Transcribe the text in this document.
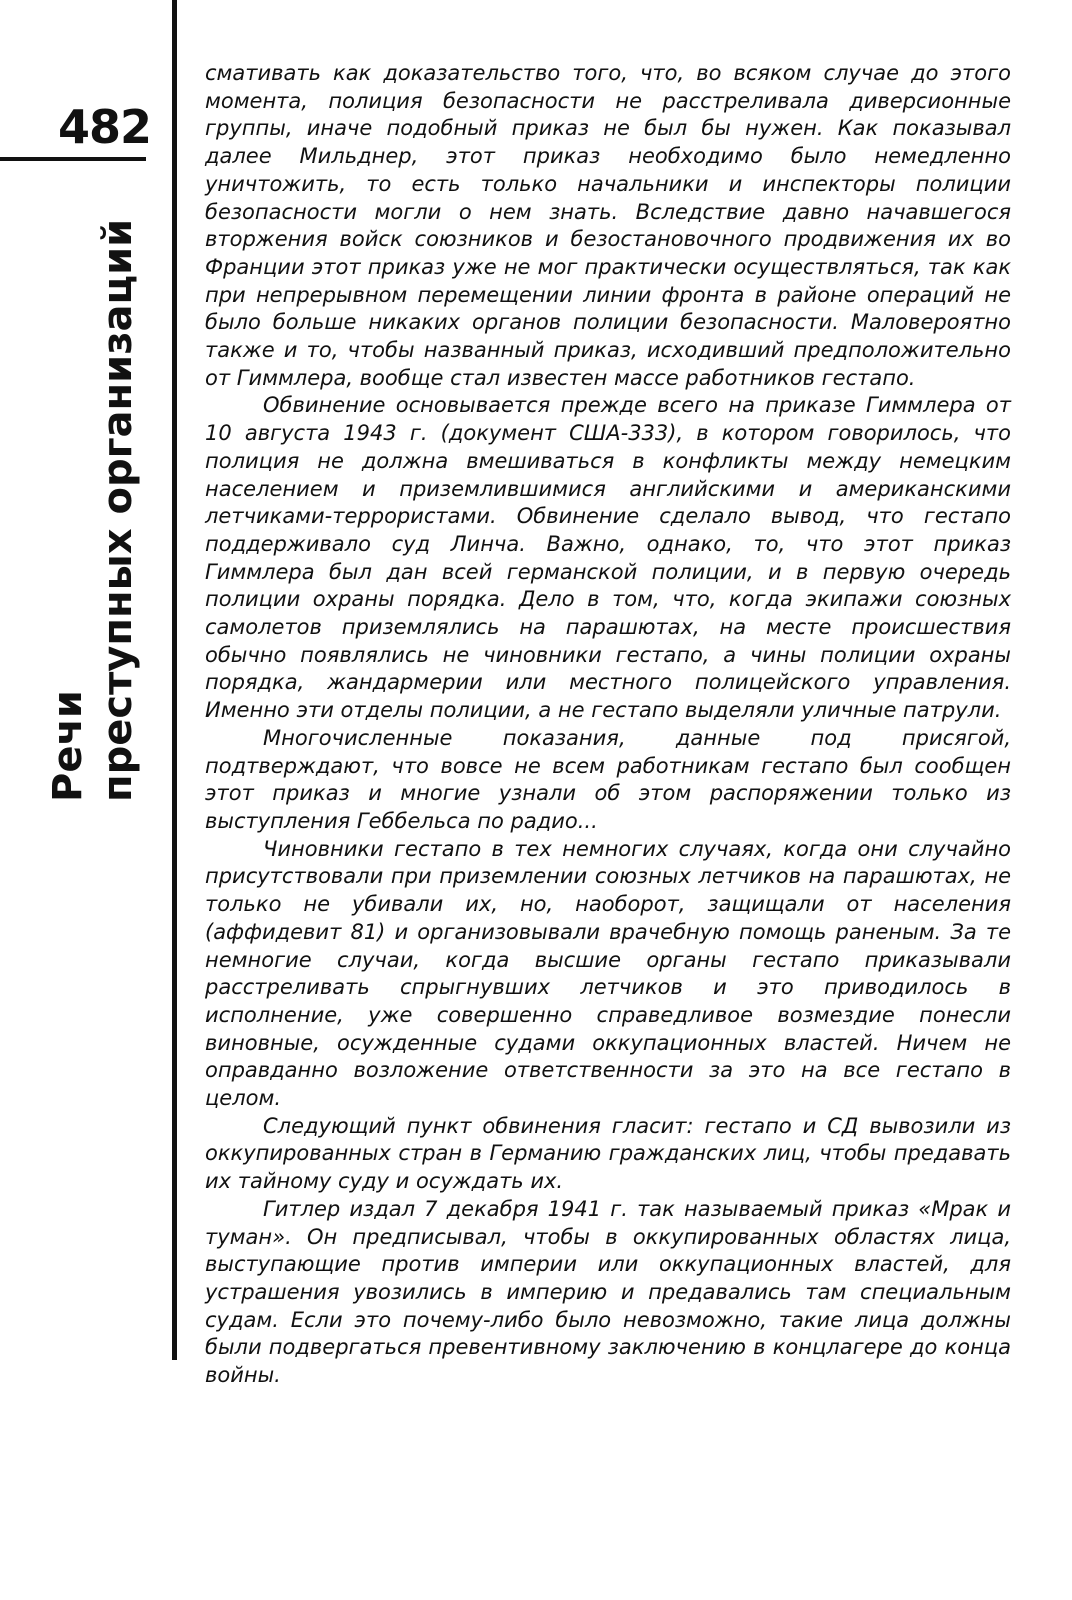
482
Речи преступных организаций

смативать как доказательство того, что, во всяком случае до этого момента, полиция безопасности не расстреливала диверсионные группы, иначе подобный приказ не был бы нужен. Как показывал далее Мильднер, этот приказ необходимо было немедленно уничтожить, то есть только начальники и инспекторы полиции безопасности могли о нем знать. Вследствие давно начавшегося вторжения войск союзников и безостановочного продвижения их во Франции этот приказ уже не мог практически осуществляться, так как при непрерывном перемещении линии фронта в районе операций не было больше никаких органов полиции безопасности. Маловероятно также и то, чтобы названный приказ, исходивший предположительно от Гиммлера, вообще стал известен массе работников гестапо.

Обвинение основывается прежде всего на приказе Гиммлера от 10 августа 1943 г. (документ США-333), в котором говорилось, что полиция не должна вмешиваться в конфликты между немецким населением и приземлившимися английскими и американскими летчиками-террористами. Обвинение сделало вывод, что гестапо поддерживало суд Линча. Важно, однако, то, что этот приказ Гиммлера был дан всей германской полиции, и в первую очередь полиции охраны порядка. Дело в том, что, когда экипажи союзных самолетов приземлялись на парашютах, на месте происшествия обычно появлялись не чиновники гестапо, а чины полиции охраны порядка, жандармерии или местного полицейского управления. Именно эти отделы полиции, а не гестапо выделяли уличные патрули.

Многочисленные показания, данные под присягой, подтверждают, что вовсе не всем работникам гестапо был сообщен этот приказ и многие узнали об этом распоряжении только из выступления Геббельса по радио...

Чиновники гестапо в тех немногих случаях, когда они случайно присутствовали при приземлении союзных летчиков на парашютах, не только не убивали их, но, наоборот, защищали от населения (аффидевит 81) и организовывали врачебную помощь раненым. За те немногие случаи, когда высшие органы гестапо приказывали расстреливать спрыгнувших летчиков и это приводилось в исполнение, уже совершенно справедливое возмездие понесли виновные, осужденные судами оккупационных властей. Ничем не оправданно возложение ответственности за это на все гестапо в целом.

Следующий пункт обвинения гласит: гестапо и СД вывозили из оккупированных стран в Германию гражданских лиц, чтобы предавать их тайному суду и осуждать их.

Гитлер издал 7 декабря 1941 г. так называемый приказ «Мрак и туман». Он предписывал, чтобы в оккупированных областях лица, выступающие против империи или оккупационных властей, для устрашения увозились в империю и предавались там специальным судам. Если это почему-либо было невозможно, такие лица должны были подвергаться превентивному заключению в концлагере до конца войны.
